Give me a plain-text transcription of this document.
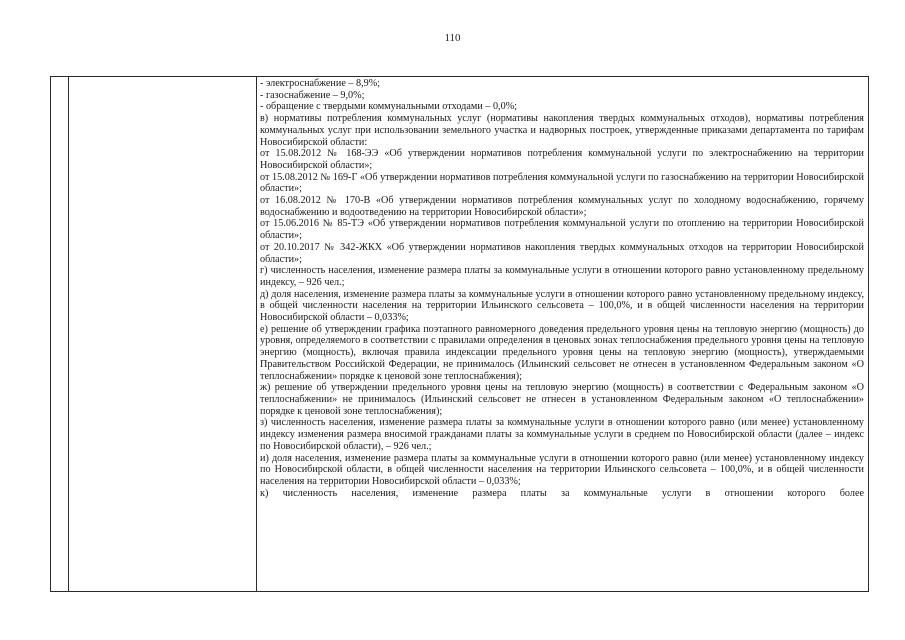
110

- электроснабжение – 8,9%;

- газоснабжение – 9,0%;

- обращение с твердыми коммунальными отходами – 0,0%;

в) нормативы потребления коммунальных услуг (нормативы накопления твердых коммунальных отходов), нормативы потребления коммунальных услуг при использовании земельного участка и надворных построек, утвержденные приказами департамента по тарифам Новосибирской области:

от 15.08.2012 № 168-ЭЭ «Об утверждении нормативов потребления коммунальной услуги по электроснабжению на территории Новосибирской области»;

от 15.08.2012 № 169-Г «Об утверждении нормативов потребления коммунальной услуги по газоснабжению на территории Новосибирской области»;

от 16.08.2012 № 170-В «Об утверждении нормативов потребления коммунальных услуг по холодному водоснабжению, горячему водоснабжению и водоотведению на территории Новосибирской области»;

от 15.06.2016 № 85-ТЭ «Об утверждении нормативов потребления коммунальной услуги по отоплению на территории Новосибирской области»;

от 20.10.2017 № 342-ЖКХ «Об утверждении нормативов накопления твердых коммунальных отходов на территории Новосибирской области»;

г) численность населения, изменение размера платы за коммунальные услуги в отношении которого равно установленному предельному индексу, – 926 чел.;

д) доля населения, изменение размера платы за коммунальные услуги в отношении которого равно установленному предельному индексу, в общей численности населения на территории Ильинского сельсовета – 100,0%, и в общей численности населения на территории Новосибирской области – 0,033%;

е) решение об утверждении графика поэтапного равномерного доведения предельного уровня цены на тепловую энергию (мощность) до уровня, определяемого в соответствии с правилами определения в ценовых зонах теплоснабжения предельного уровня цены на тепловую энергию (мощность), включая правила индексации предельного уровня цены на тепловую энергию (мощность), утверждаемыми Правительством Российской Федерации, не принималось (Ильинский сельсовет не отнесен в установленном Федеральным законом «О теплоснабжении» порядке к ценовой зоне теплоснабжения);

ж) решение об утверждении предельного уровня цены на тепловую энергию (мощность) в соответствии с Федеральным законом «О теплоснабжении» не принималось (Ильинский сельсовет не отнесен в установленном Федеральным законом «О теплоснабжении» порядке к ценовой зоне теплоснабжения);

з) численность населения, изменение размера платы за коммунальные услуги в отношении которого равно (или менее) установленному индексу изменения размера вносимой гражданами платы за коммунальные услуги в среднем по Новосибирской области (далее – индекс по Новосибирской области), – 926 чел.;

и) доля населения, изменение размера платы за коммунальные услуги в отношении которого равно (или менее) установленному индексу по Новосибирской области, в общей численности населения на территории Ильинского сельсовета – 100,0%, и в общей численности населения на территории Новосибирской области – 0,033%;

к) численность населения, изменение размера платы за коммунальные услуги в отношении которого более
